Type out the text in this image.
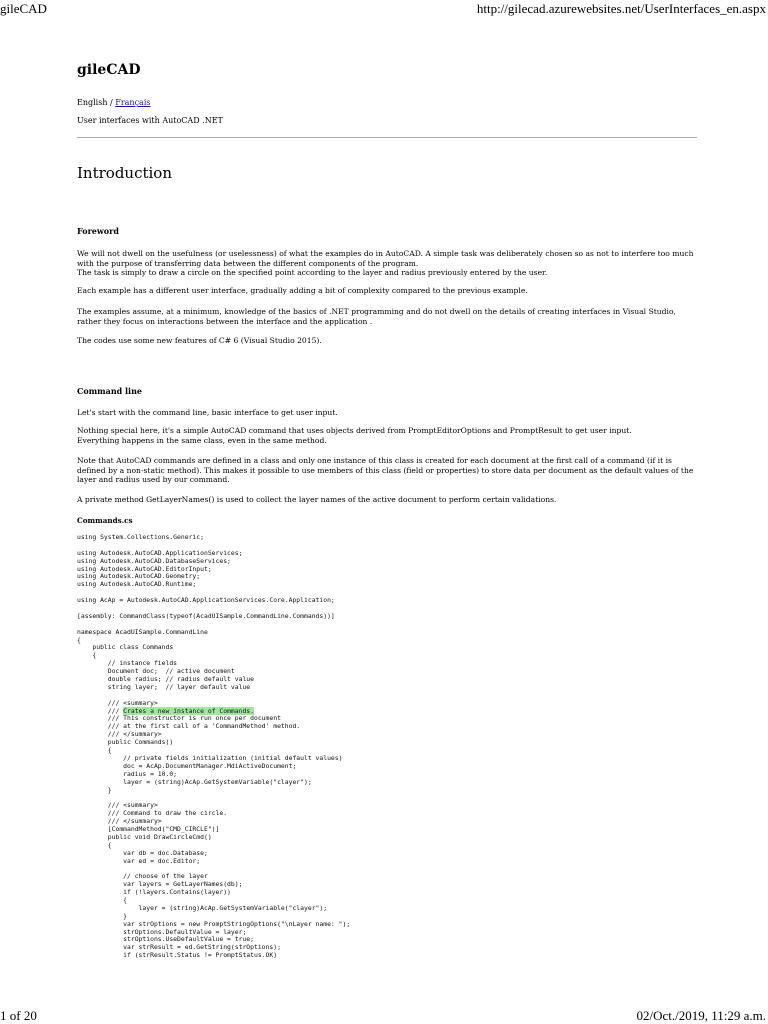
gileCAD	http://gilecad.azurewebsites.net/UserInterfaces_en.aspx
gileCAD
English / Français
User interfaces with AutoCAD .NET
Introduction
Foreword

We will not dwell on the usefulness (or uselessness) of what the examples do in AutoCAD. A simple task was deliberately chosen so as not to interfere too much with the purpose of transferring data between the different components of the program.
The task is simply to draw a circle on the specified point according to the layer and radius previously entered by the user.

Each example has a different user interface, gradually adding a bit of complexity compared to the previous example.

The examples assume, at a minimum, knowledge of the basics of .NET programming and do not dwell on the details of creating interfaces in Visual Studio, rather they focus on interactions between the interface and the application .

The codes use some new features of C# 6 (Visual Studio 2015).

Command line

Let's start with the command line, basic interface to get user input.

Nothing special here, it's a simple AutoCAD command that uses objects derived from PromptEditorOptions and PromptResult to get user input.
Everything happens in the same class, even in the same method.

Note that AutoCAD commands are defined in a class and only one instance of this class is created for each document at the first call of a command (if it is defined by a non-static method). This makes it possible to use members of this class (field or properties) to store data per document as the default values of the layer and radius used by our command.

A private method GetLayerNames() is used to collect the layer names of the active document to perform certain validations.

Commands.cs
using System.Collections.Generic;

using Autodesk.AutoCAD.ApplicationServices;
using Autodesk.AutoCAD.DatabaseServices;
using Autodesk.AutoCAD.EditorInput;
using Autodesk.AutoCAD.Geometry;
using Autodesk.AutoCAD.Runtime;

using AcAp = Autodesk.AutoCAD.ApplicationServices.Core.Application;

[assembly: CommandClass(typeof(AcadUISample.CommandLine.Commands))]

namespace AcadUISample.CommandLine
{
public class Commands
{
// instance fields
Document doc;  // active document
double radius; // radius default value
string layer;  // layer default value

/// <summary>
/// Crates a new instance of Commands.
/// This constructor is run once per document
/// at the first call of a 'CommandMethod' method.
/// </summary>
public Commands()
{
// private fields initialization (initial default values)
doc = AcAp.DocumentManager.MdiActiveDocument;
radius = 10.0;
layer = (string)AcAp.GetSystemVariable("clayer");
}

/// <summary>
/// Command to draw the circle.
/// </summary>
[CommandMethod("CMD_CIRCLE")]
public void DrawCircleCmd()
{
var db = doc.Database;
var ed = doc.Editor;

// choose of the layer
var layers = GetLayerNames(db);
if (!layers.Contains(layer))
{
layer = (string)AcAp.GetSystemVariable("clayer");
}
var strOptions = new PromptStringOptions("\nLayer name: ");
strOptions.DefaultValue = layer;
strOptions.UseDefaultValue = true;
var strResult = ed.GetString(strOptions);
if (strResult.Status != PromptStatus.OK)
1 of 20	02/Oct./2019, 11:29 a.m.
